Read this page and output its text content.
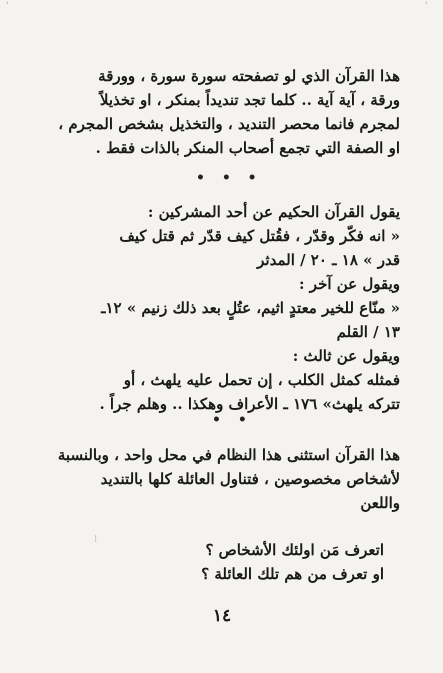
ʹ	ʹ
هذا القرآن الذي لو تصفحته سورة سورة ، وورقة
ورقة ، آية آية .. كلما تجد تنديداً بمنكر ، او تخذيلاً
لمجرم فانما محصر التنديد ، والتخذيل بشخص المجرم ،
او الصفة التي تجمع أصحاب المنكر بالذات فقط .
• • •
يقول القرآن الحكيم عن أحد المشركين :
« انه فكّر وقدّر ، فقُتل كيف قدّر ثم قتل كيف
قدر » ١٨ ـ ٢٠ / المدثر
ويقول عن آخر :
« منّاع للخير معتدٍ اثيم، عتُلٍ بعد ذلك زنيم » ١٢ـ
١٣ / القلم
ويقول عن ثالث :
فمثله كمثل الكلب ، إن تحمل عليه يلهث ، أو
تتركه يلهث» ١٧٦ ـ الأعراف وهكذا .. وهلم جراً .
• •
هذا القرآن استثنى هذا النظام في محل واحد ، وبالنسبة
لأشخاص مخصوصين ، فتناول العائلة كلها بالتنديد
واللعن
⁝
اتعرف مَن اولئك الأشخاص ؟
او تعرف من هم تلك العائلة ؟
١٤
